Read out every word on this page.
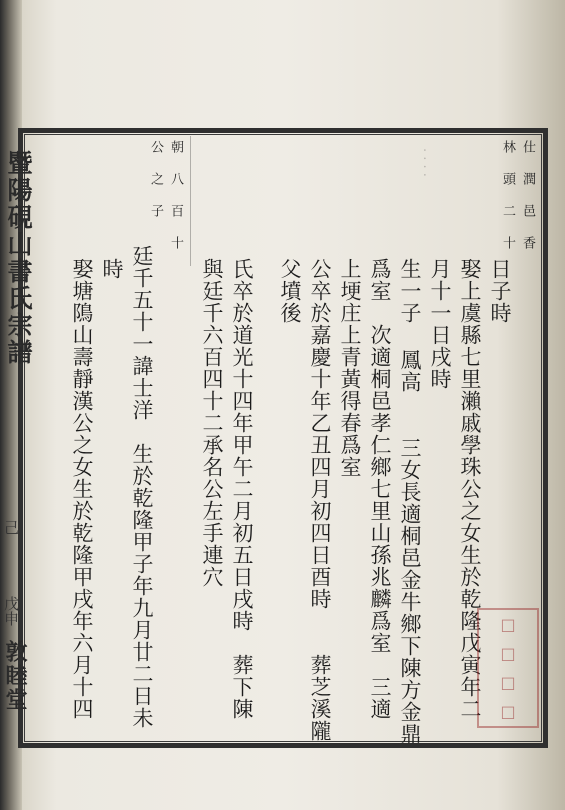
. . . .
暨陽硯山書氏宗譜
己
戊申
敦睦堂
仕 潤 邑 香
林 頭 二 十
朝 八 百 十
公 之 子
日子時
娶上虞縣七里瀨戚學珠公之女生於乾隆戊寅年二
月十一日戌時
生一子 鳳高　　三女長適桐邑金牛鄉下陳方金鼎
爲室　次適桐邑孝仁鄉七里山孫兆麟爲室　三適
上埂庄上青黃得春爲室
公卒於嘉慶十年乙丑四月初四日酉時　　葬芝溪隴
父墳後
氏卒於道光十四年甲午二月初五日戌時　葬下陳
與廷千六百四十二承名公左手連穴
廷千五十一諱士洋　生於乾隆甲子年九月廿二日未
時
娶塘隝山壽靜漢公之女生於乾隆甲戌年六月十四	□
□
□
□
